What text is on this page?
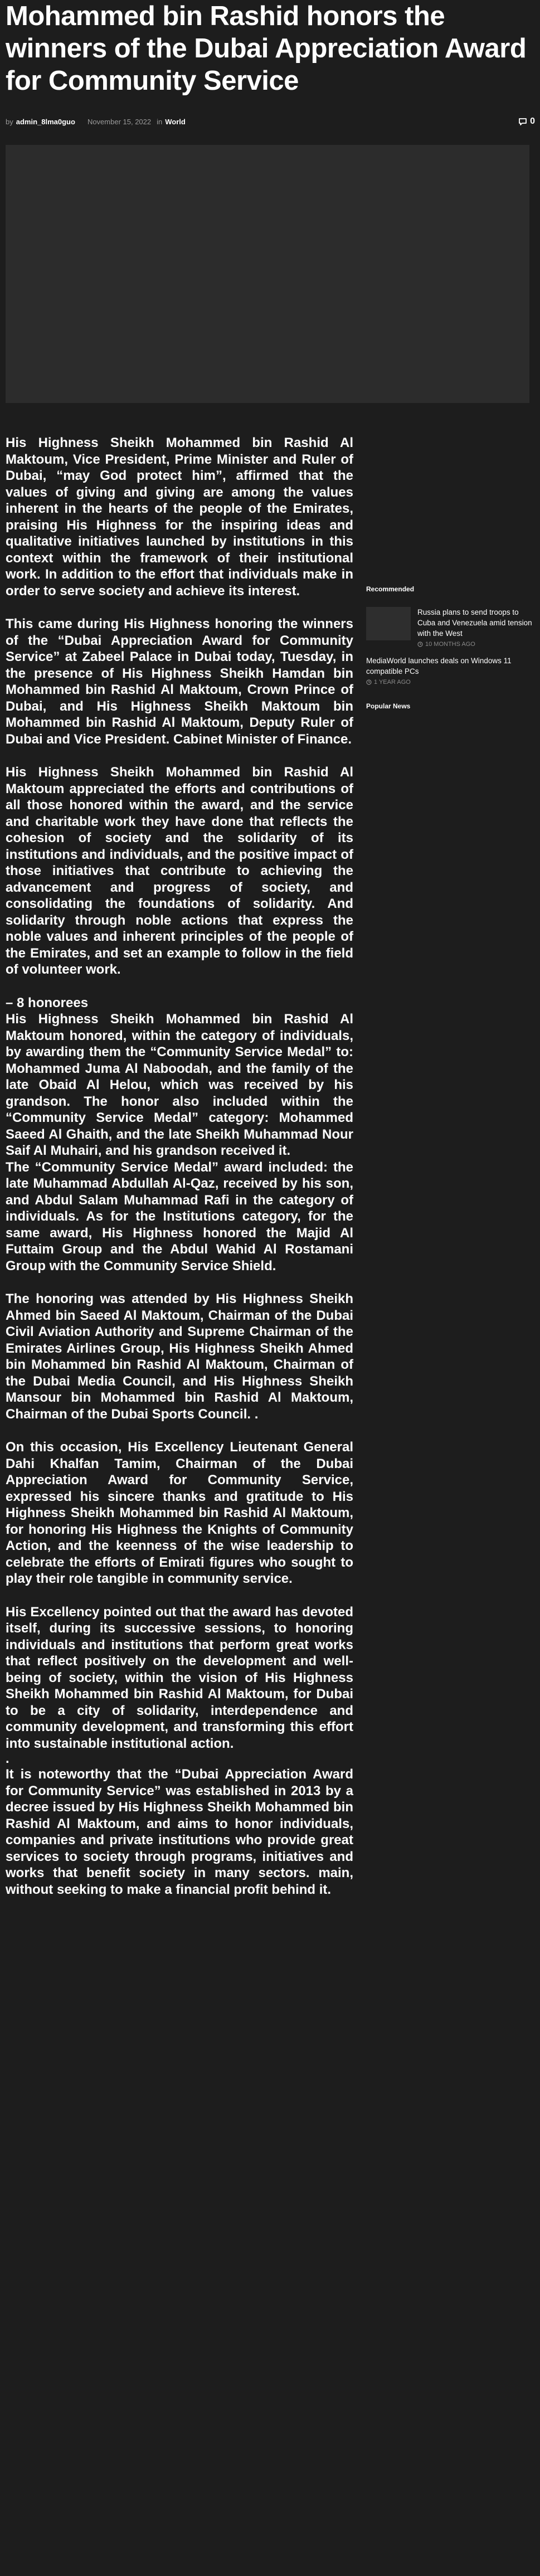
Mohammed bin Rashid honors the winners of the Dubai Appreciation Award for Community Service
by admin_8lma0guo November 15, 2022 in World	0

His Highness Sheikh Mohammed bin Rashid Al Maktoum, Vice President, Prime Minister and Ruler of Dubai, “may God protect him”, affirmed that the values of giving and giving are among the values inherent in the hearts of the people of the Emirates, praising His Highness for the inspiring ideas and qualitative initiatives launched by institutions in this context within the framework of their institutional work. In addition to the effort that individuals make in order to serve society and achieve its interest.

This came during His Highness honoring the winners of the “Dubai Appreciation Award for Community Service” at Zabeel Palace in Dubai today, Tuesday, in the presence of His Highness Sheikh Hamdan bin Mohammed bin Rashid Al Maktoum, Crown Prince of Dubai, and His Highness Sheikh Maktoum bin Mohammed bin Rashid Al Maktoum, Deputy Ruler of Dubai and Vice President. Cabinet Minister of Finance.

His Highness Sheikh Mohammed bin Rashid Al Maktoum appreciated the efforts and contributions of all those honored within the award, and the service and charitable work they have done that reflects the cohesion of society and the solidarity of its institutions and individuals, and the positive impact of those initiatives that contribute to achieving the advancement and progress of society, and consolidating the foundations of solidarity. And solidarity through noble actions that express the noble values and inherent principles of the people of the Emirates, and set an example to follow in the field of volunteer work.

– 8 honorees

His Highness Sheikh Mohammed bin Rashid Al Maktoum honored, within the category of individuals, by awarding them the “Community Service Medal” to: Mohammed Juma Al Naboodah, and the family of the late Obaid Al Helou, which was received by his grandson. The honor also included within the “Community Service Medal” category: Mohammed Saeed Al Ghaith, and the late Sheikh Muhammad Nour Saif Al Muhairi, and his grandson received it.

The “Community Service Medal” award included: the late Muhammad Abdullah Al-Qaz, received by his son, and Abdul Salam Muhammad Rafi in the category of individuals. As for the Institutions category, for the same award, His Highness honored the Majid Al Futtaim Group and the Abdul Wahid Al Rostamani Group with the Community Service Shield.

The honoring was attended by His Highness Sheikh Ahmed bin Saeed Al Maktoum, Chairman of the Dubai Civil Aviation Authority and Supreme Chairman of the Emirates Airlines Group, His Highness Sheikh Ahmed bin Mohammed bin Rashid Al Maktoum, Chairman of the Dubai Media Council, and His Highness Sheikh Mansour bin Mohammed bin Rashid Al Maktoum, Chairman of the Dubai Sports Council. .

On this occasion, His Excellency Lieutenant General Dahi Khalfan Tamim, Chairman of the Dubai Appreciation Award for Community Service, expressed his sincere thanks and gratitude to His Highness Sheikh Mohammed bin Rashid Al Maktoum, for honoring His Highness the Knights of Community Action, and the keenness of the wise leadership to celebrate the efforts of Emirati figures who sought to play their role tangible in community service.

His Excellency pointed out that the award has devoted itself, during its successive sessions, to honoring individuals and institutions that perform great works that reflect positively on the development and well-being of society, within the vision of His Highness Sheikh Mohammed bin Rashid Al Maktoum, for Dubai to be a city of solidarity, interdependence and community development, and transforming this effort into sustainable institutional action.

.

It is noteworthy that the “Dubai Appreciation Award for Community Service” was established in 2013 by a decree issued by His Highness Sheikh Mohammed bin Rashid Al Maktoum, and aims to honor individuals, companies and private institutions who provide great services to society through programs, initiatives and works that benefit society in many sectors. main, without seeking to make a financial profit behind it.

Recommended
Russia plans to send troops to Cuba and Venezuela amid tension with the West
10 MONTHS AGO
MediaWorld launches deals on Windows 11 compatible PCs
1 YEAR AGO
Popular News
